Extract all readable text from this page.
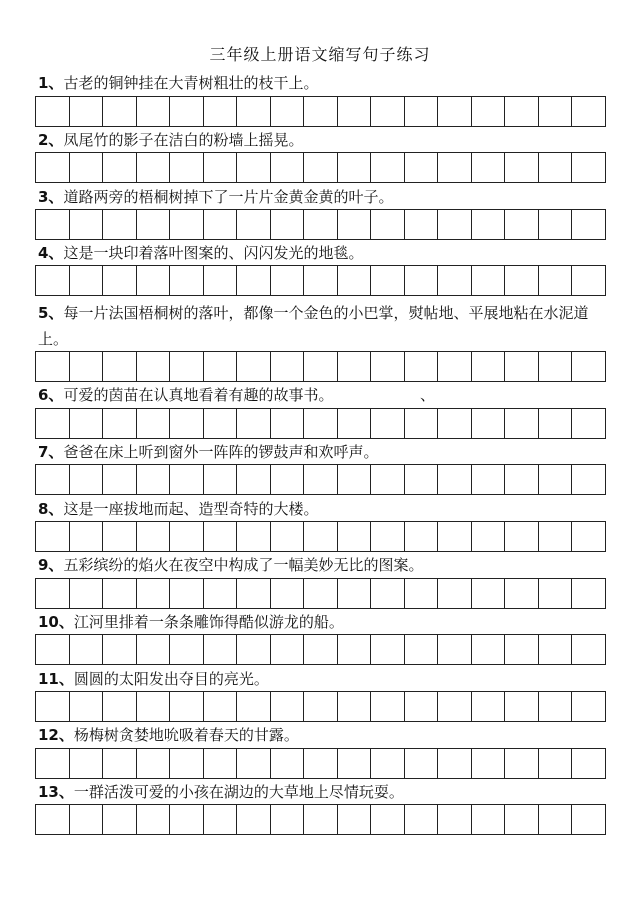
三年级上册语文缩写句子练习
1、古老的铜钟挂在大青树粗壮的枝干上。
2、凤尾竹的影子在洁白的粉墙上摇晃。
3、道路两旁的梧桐树掉下了一片片金黄金黄的叶子。
4、这是一块印着落叶图案的、闪闪发光的地毯。
5、每一片法国梧桐树的落叶，都像一个金色的小巴掌，熨帖地、平展地粘在水泥道上。
6、可爱的茵苗在认真地看着有趣的故事书。	、
7、爸爸在床上听到窗外一阵阵的锣鼓声和欢呼声。
8、这是一座拔地而起、造型奇特的大楼。
9、五彩缤纷的焰火在夜空中构成了一幅美妙无比的图案。
10、江河里排着一条条雕饰得酷似游龙的船。
11、圆圆的太阳发出夺目的亮光。
12、杨梅树贪婪地吮吸着春天的甘露。
13、一群活泼可爱的小孩在湖边的大草地上尽情玩耍。
